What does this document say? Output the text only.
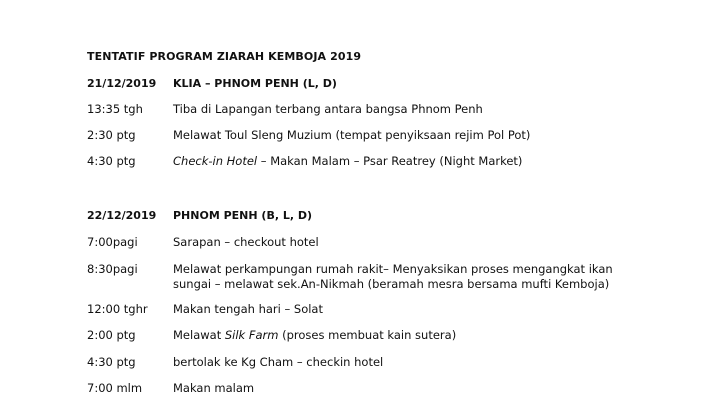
TENTATIF PROGRAM ZIARAH KEMBOJA 2019
21/12/2019 KLIA – PHNOM PENH (L, D)
13:35 tgh	Tiba di Lapangan terbang antara bangsa Phnom Penh
2:30 ptg	Melawat Toul Sleng Muzium (tempat penyiksaan rejim Pol Pot)
4:30 ptg	Check-in Hotel – Makan Malam – Psar Reatrey (Night Market)
22/12/2019 PHNOM PENH (B, L, D)
7:00pagi	Sarapan – checkout hotel
8:30pagi	Melawat perkampungan rumah rakit– Menyaksikan proses mengangkat ikan
sungai – melawat sek.An-Nikmah (beramah mesra bersama mufti Kemboja)
12:00 tghr Makan tengah hari – Solat
2:00 ptg	Melawat Silk Farm (proses membuat kain sutera)
4:30 ptg	bertolak ke Kg Cham – checkin hotel
7:00 mlm	Makan malam
